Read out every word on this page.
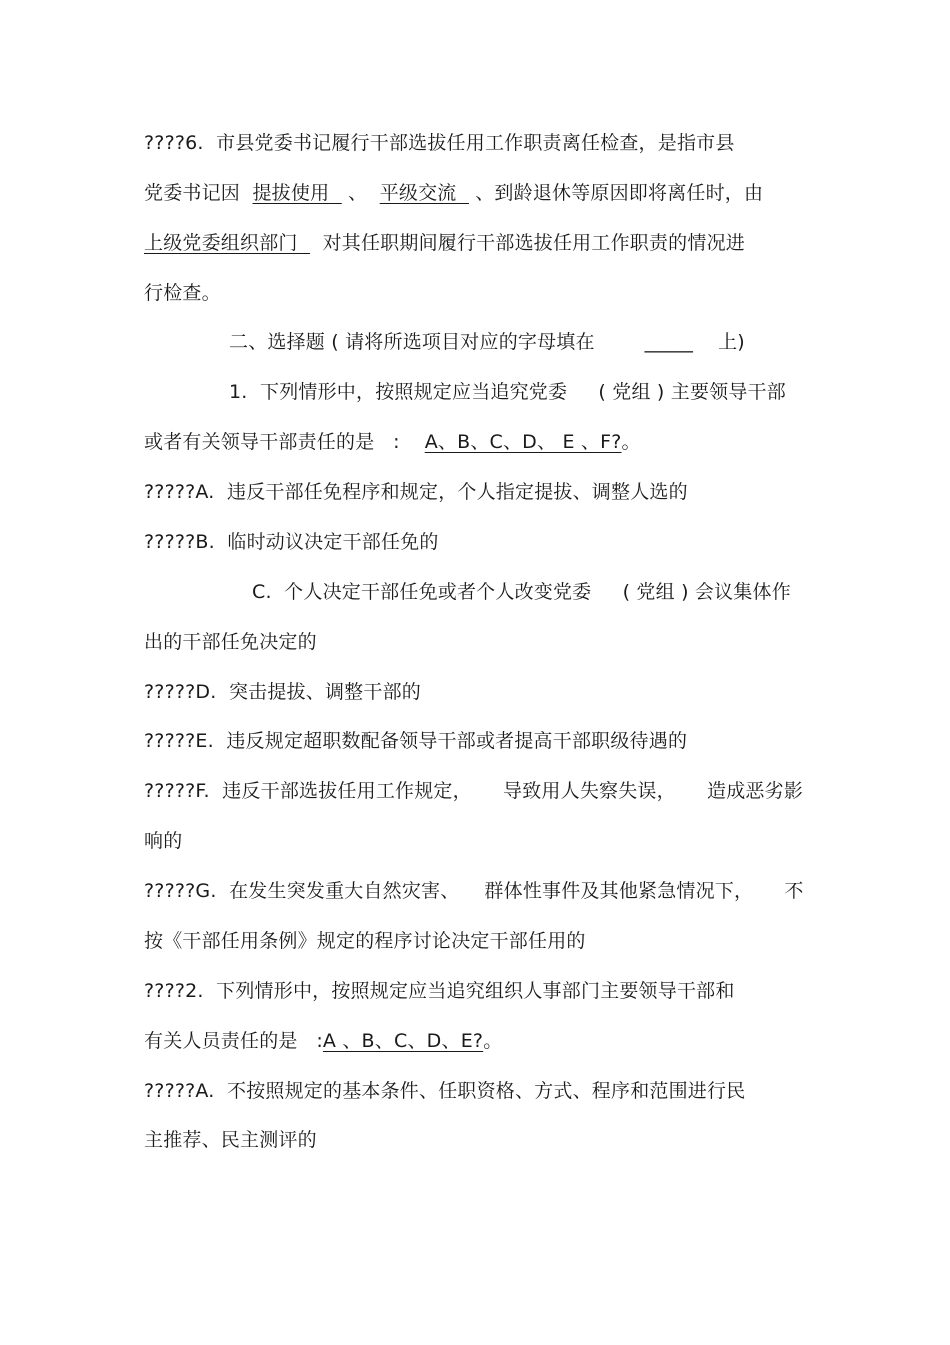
????6.  市县党委书记履行干部选拔任用工作职责离任检查，是指市县
党委书记因  提拔使用   、  平级交流   、到龄退休等原因即将离任时，由
上级党委组织部门    对其任职期间履行干部选拔任用工作职责的情况进
行检查。
二、选择题 ( 请将所选项目对应的字母填在        _____    上)
1.  下列情形中，按照规定应当追究党委     ( 党组 ) 主要领导干部
或者有关领导干部责任的是   :    A、B、C、D、 E 、F?。
?????A.  违反干部任免程序和规定，个人指定提拔、调整人选的
?????B.  临时动议决定干部任免的
C.  个人决定干部任免或者个人改变党委     ( 党组 ) 会议集体作
出的干部任免决定的
?????D.  突击提拔、调整干部的
?????E.  违反规定超职数配备领导干部或者提高干部职级待遇的
?????F.  违反干部选拔任用工作规定，     导致用人失察失误，     造成恶劣影
响的
?????G.  在发生突发重大自然灾害、    群体性事件及其他紧急情况下，     不
按《干部任用条例》规定的程序讨论决定干部任用的
????2.  下列情形中，按照规定应当追究组织人事部门主要领导干部和
有关人员责任的是   :A 、B、C、D、E?。
?????A.  不按照规定的基本条件、任职资格、方式、程序和范围进行民
主推荐、民主测评的
